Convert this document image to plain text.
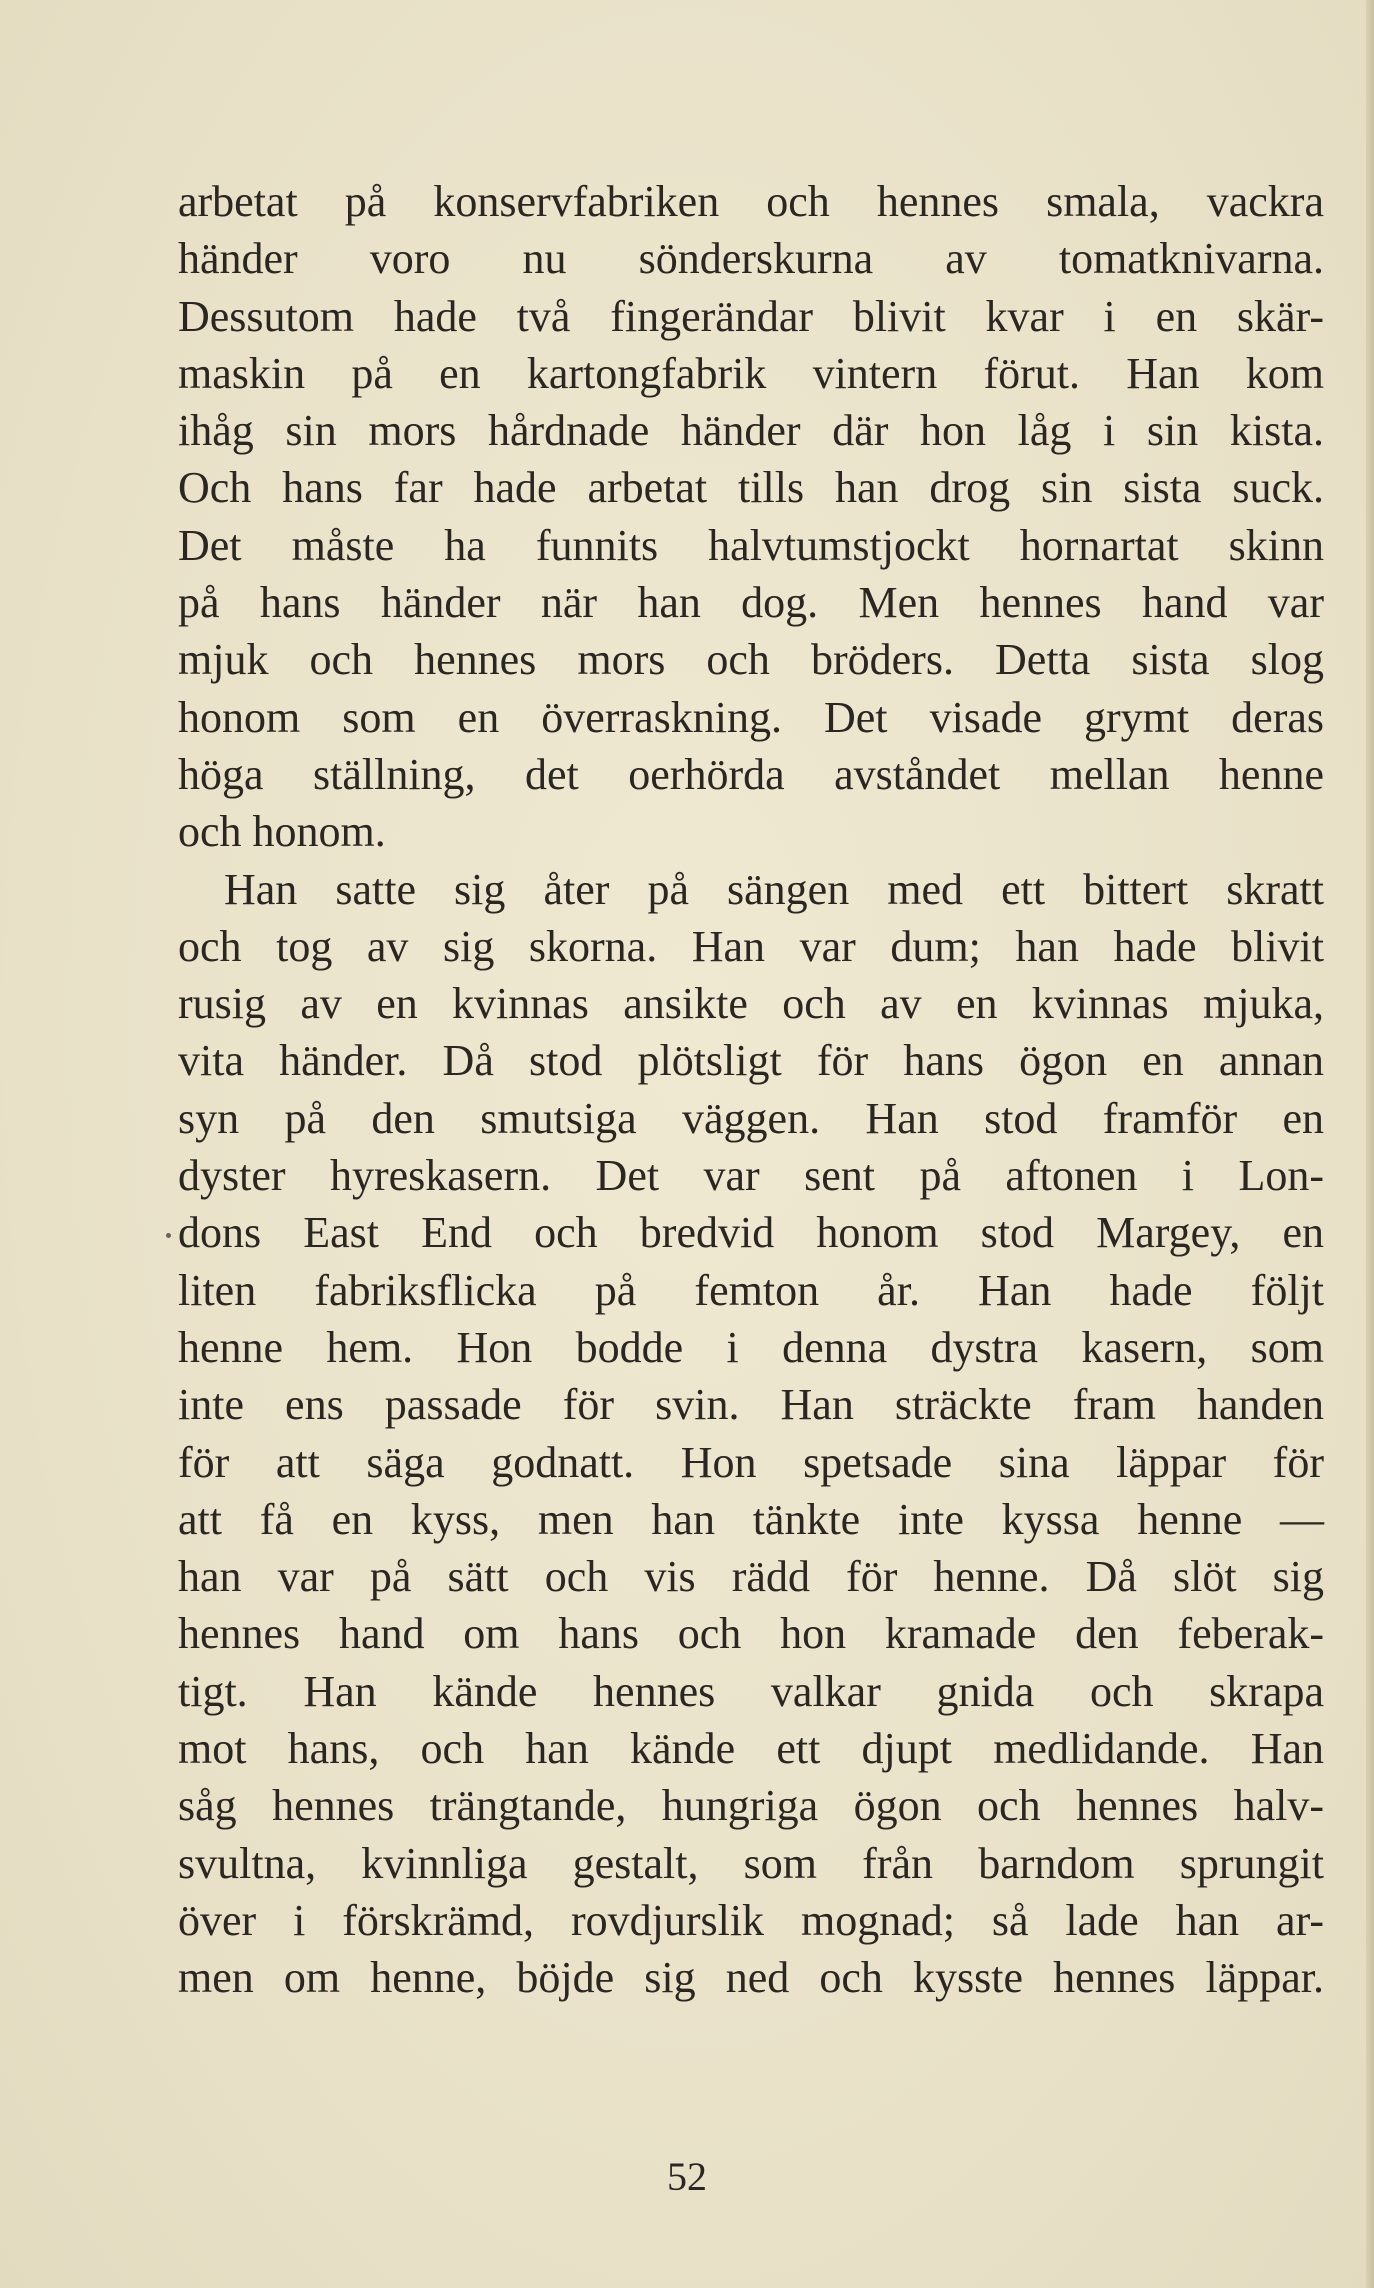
arbetat på konservfabriken och hennes smala, vackra
händer voro nu sönderskurna av tomatknivarna.
Dessutom hade två fingerändar blivit kvar i en skär-
maskin på en kartongfabrik vintern förut. Han kom
ihåg sin mors hårdnade händer där hon låg i sin kista.
Och hans far hade arbetat tills han drog sin sista suck.
Det måste ha funnits halvtumstjockt hornartat skinn
på hans händer när han dog. Men hennes hand var
mjuk och hennes mors och bröders. Detta sista slog
honom som en överraskning. Det visade grymt deras
höga ställning, det oerhörda avståndet mellan henne
och honom.
Han satte sig åter på sängen med ett bittert skratt
och tog av sig skorna. Han var dum; han hade blivit
rusig av en kvinnas ansikte och av en kvinnas mjuka,
vita händer. Då stod plötsligt för hans ögon en annan
syn på den smutsiga väggen. Han stod framför en
dyster hyreskasern. Det var sent på aftonen i Lon-
dons East End och bredvid honom stod Margey, en
liten fabriksflicka på femton år. Han hade följt
henne hem. Hon bodde i denna dystra kasern, som
inte ens passade för svin. Han sträckte fram handen
för att säga godnatt. Hon spetsade sina läppar för
att få en kyss, men han tänkte inte kyssa henne —
han var på sätt och vis rädd för henne. Då slöt sig
hennes hand om hans och hon kramade den feberak-
tigt. Han kände hennes valkar gnida och skrapa
mot hans, och han kände ett djupt medlidande. Han
såg hennes trängtande, hungriga ögon och hennes halv-
svultna, kvinnliga gestalt, som från barndom sprungit
över i förskrämd, rovdjurslik mognad; så lade han ar-
men om henne, böjde sig ned och kysste hennes läppar.
52
